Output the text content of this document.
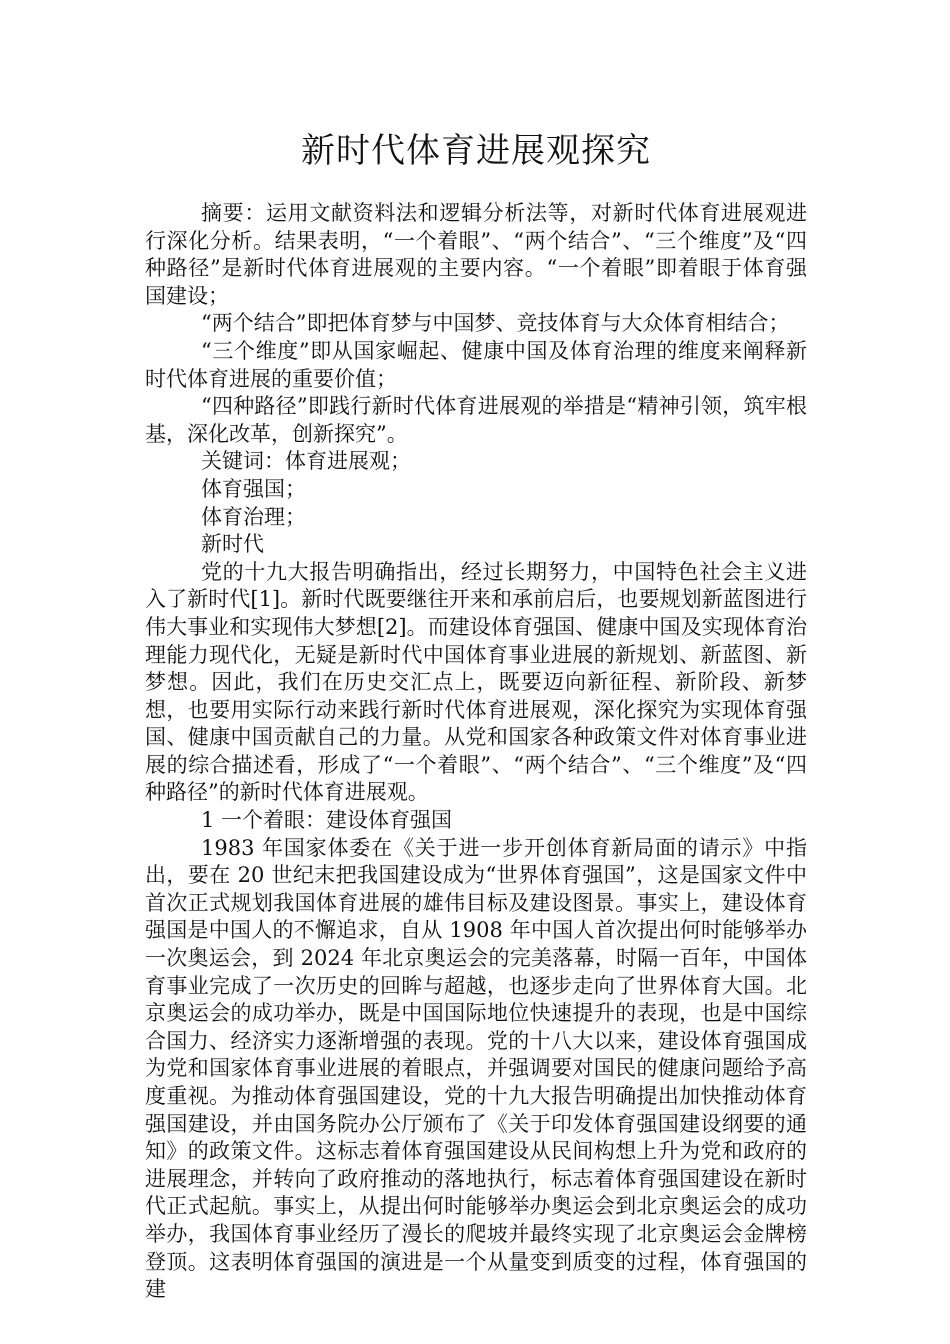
新时代体育进展观探究

摘要：运用文献资料法和逻辑分析法等，对新时代体育进展观进行深化分析。结果表明，“一个着眼”、“两个结合”、“三个维度”及“四种路径”是新时代体育进展观的主要内容。“一个着眼”即着眼于体育强国建设；

“两个结合”即把体育梦与中国梦、竞技体育与大众体育相结合；

“三个维度”即从国家崛起、健康中国及体育治理的维度来阐释新时代体育进展的重要价值；

“四种路径”即践行新时代体育进展观的举措是“精神引领，筑牢根基，深化改革，创新探究”。

关键词：体育进展观；

体育强国；

体育治理；

新时代

党的十九大报告明确指出，经过长期努力，中国特色社会主义进入了新时代[1]。新时代既要继往开来和承前启后，也要规划新蓝图进行伟大事业和实现伟大梦想[2]。而建设体育强国、健康中国及实现体育治理能力现代化，无疑是新时代中国体育事业进展的新规划、新蓝图、新梦想。因此，我们在历史交汇点上，既要迈向新征程、新阶段、新梦想，也要用实际行动来践行新时代体育进展观，深化探究为实现体育强国、健康中国贡献自己的力量。从党和国家各种政策文件对体育事业进展的综合描述看，形成了“一个着眼”、“两个结合”、“三个维度”及“四种路径”的新时代体育进展观。

1 一个着眼：建设体育强国

1983 年国家体委在《关于进一步开创体育新局面的请示》中指出，要在 20 世纪末把我国建设成为“世界体育强国”，这是国家文件中首次正式规划我国体育进展的雄伟目标及建设图景。事实上，建设体育强国是中国人的不懈追求，自从 1908 年中国人首次提出何时能够举办一次奥运会，到 2024 年北京奥运会的完美落幕，时隔一百年，中国体育事业完成了一次历史的回眸与超越，也逐步走向了世界体育大国。北京奥运会的成功举办，既是中国国际地位快速提升的表现，也是中国综合国力、经济实力逐渐增强的表现。党的十八大以来，建设体育强国成为党和国家体育事业进展的着眼点，并强调要对国民的健康问题给予高度重视。为推动体育强国建设，党的十九大报告明确提出加快推动体育强国建设，并由国务院办公厅颁布了《关于印发体育强国建设纲要的通知》的政策文件。这标志着体育强国建设从民间构想上升为党和政府的进展理念，并转向了政府推动的落地执行，标志着体育强国建设在新时代正式起航。事实上，从提出何时能够举办奥运会到北京奥运会的成功举办，我国体育事业经历了漫长的爬坡并最终实现了北京奥运会金牌榜登顶。这表明体育强国的演进是一个从量变到质变的过程，体育强国的建
